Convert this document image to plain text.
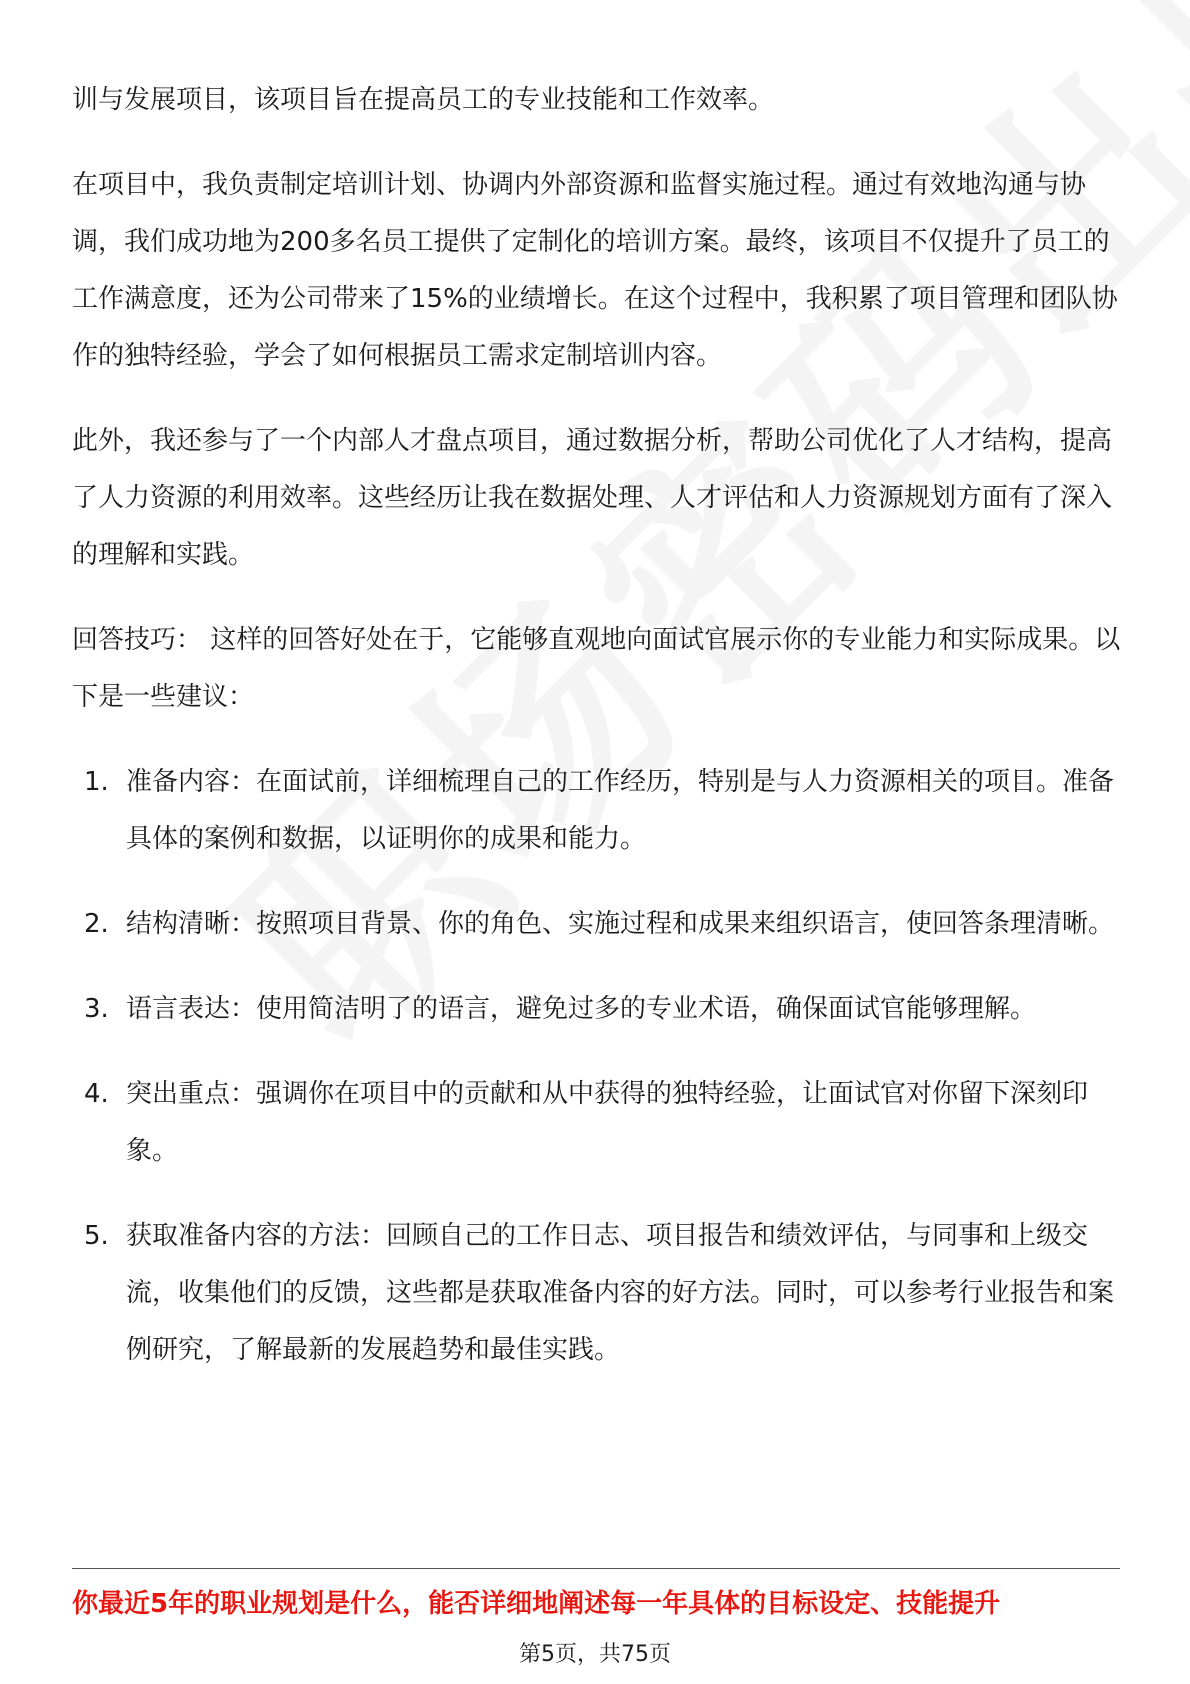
训与发展项目，该项目旨在提高员工的专业技能和工作效率。

在项目中，我负责制定培训计划、协调内外部资源和监督实施过程。通过有效地沟通与协调，我们成功地为200多名员工提供了定制化的培训方案。最终，该项目不仅提升了员工的工作满意度，还为公司带来了15%的业绩增长。在这个过程中，我积累了项目管理和团队协作的独特经验，学会了如何根据员工需求定制培训内容。

此外，我还参与了一个内部人才盘点项目，通过数据分析，帮助公司优化了人才结构，提高了人力资源的利用效率。这些经历让我在数据处理、人才评估和人力资源规划方面有了深入的理解和实践。

回答技巧： 这样的回答好处在于，它能够直观地向面试官展示你的专业能力和实际成果。以下是一些建议：

1. 准备内容：在面试前，详细梳理自己的工作经历，特别是与人力资源相关的项目。准备具体的案例和数据，以证明你的成果和能力。
2. 结构清晰：按照项目背景、你的角色、实施过程和成果来组织语言，使回答条理清晰。
3. 语言表达：使用简洁明了的语言，避免过多的专业术语，确保面试官能够理解。
4. 突出重点：强调你在项目中的贡献和从中获得的独特经验，让面试官对你留下深刻印象。
5. 获取准备内容的方法：回顾自己的工作日志、项目报告和绩效评估，与同事和上级交流，收集他们的反馈，这些都是获取准备内容的好方法。同时，可以参考行业报告和案例研究，了解最新的发展趋势和最佳实践。
你最近5年的职业规划是什么，能否详细地阐述每一年具体的目标设定、技能提升
第5页，共75页
